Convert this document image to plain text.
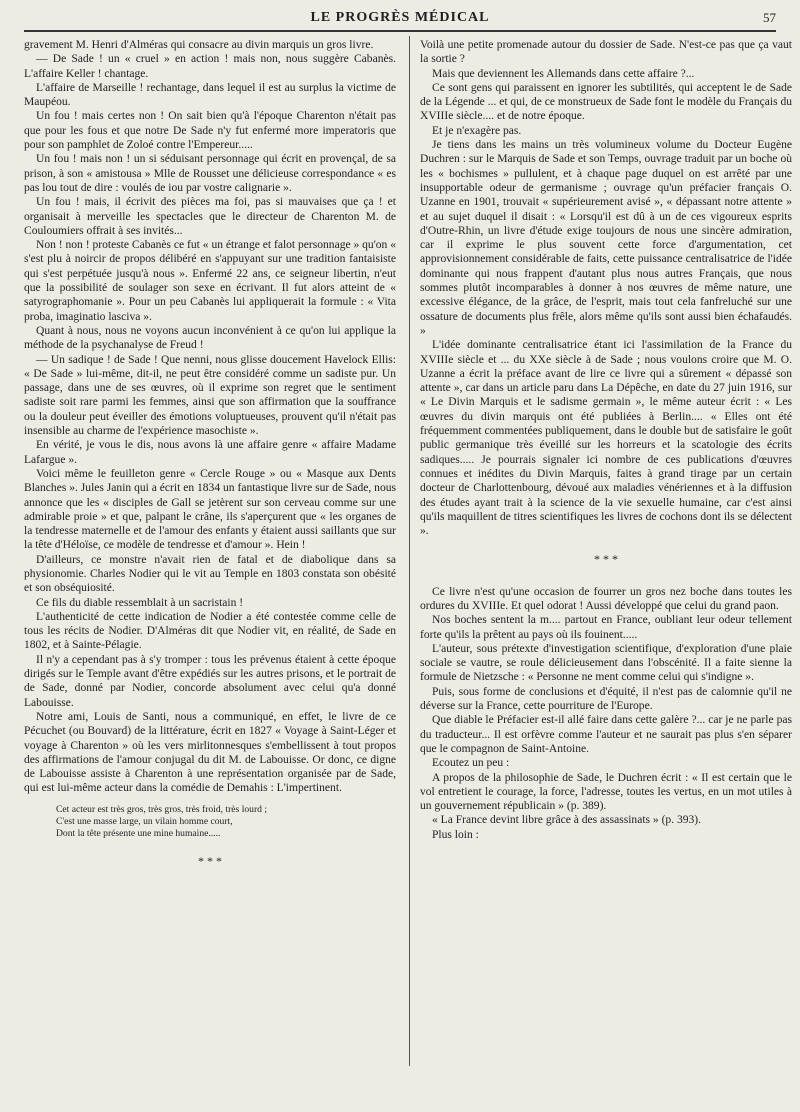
LE PROGRÈS MÉDICAL	57

gravement M. Henri d'Alméras qui consacre au divin marquis un gros livre.

— De Sade ! un « cruel » en action ! mais non, nous suggère Cabanès. L'affaire Keller ! chantage.

L'affaire de Marseille ! rechantage, dans lequel il est au surplus la victime de Maupéou.

Un fou ! mais certes non ! On sait bien qu'à l'époque Charenton n'était pas que pour les fous et que notre De Sade n'y fut enfermé more imperatoris que pour son pamphlet de Zoloé contre l'Empereur.....

Un fou ! mais non ! un si séduisant personnage qui écrit en provençal, de sa prison, à son « amistousa » Mlle de Rousset une délicieuse correspondance « es pas lou tout de dire : voulés de iou par vostre calignarie ».

Un fou ! mais, il écrivit des pièces ma foi, pas si mauvaises que ça ! et organisait à merveille les spectacles que le directeur de Charenton M. de Couloumiers offrait à ses invités...

Non ! non ! proteste Cabanès ce fut « un étrange et falot personnage » qu'on « s'est plu à noircir de propos délibéré en s'appuyant sur une tradition fantaisiste qui s'est perpétuée jusqu'à nous ». Enfermé 22 ans, ce seigneur libertin, n'eut que la possibilité de soulager son sexe en écrivant. Il fut alors atteint de « satyrographomanie ». Pour un peu Cabanès lui appliquerait la formule : « Vita proba, imaginatio lasciva ».

Quant à nous, nous ne voyons aucun inconvénient à ce qu'on lui applique la méthode de la psychanalyse de Freud !

— Un sadique ! de Sade ! Que nenni, nous glisse doucement Havelock Ellis: « De Sade » lui-même, dit-il, ne peut être considéré comme un sadiste pur. Un passage, dans une de ses œuvres, où il exprime son regret que le sentiment sadiste soit rare parmi les femmes, ainsi que son affirmation que la souffrance ou la douleur peut éveiller des émotions voluptueuses, prouvent qu'il n'était pas insensible au charme de l'expérience masochiste ».

En vérité, je vous le dis, nous avons là une affaire genre « affaire Madame Lafargue ».

Voici même le feuilleton genre « Cercle Rouge » ou « Masque aux Dents Blanches ». Jules Janin qui a écrit en 1834 un fantastique livre sur de Sade, nous annonce que les « disciples de Gall se jetèrent sur son cerveau comme sur une admirable proie » et que, palpant le crâne, ils s'aperçurent que « les organes de la tendresse maternelle et de l'amour des enfants y étaient aussi saillants que sur la tête d'Héloïse, ce modèle de tendresse et d'amour ». Hein !

D'ailleurs, ce monstre n'avait rien de fatal et de diabolique dans sa physionomie. Charles Nodier qui le vit au Temple en 1803 constata son obésité et son obséquiosité.

Ce fils du diable ressemblait à un sacristain !

L'authenticité de cette indication de Nodier a été contestée comme celle de tous les récits de Nodier. D'Alméras dit que Nodier vit, en réalité, de Sade en 1802, et à Sainte-Pélagie.

Il n'y a cependant pas à s'y tromper : tous les prévenus étaient à cette époque dirigés sur le Temple avant d'être expédiés sur les autres prisons, et le portrait de de Sade, donné par Nodier, concorde absolument avec celui qu'a donné Labouisse.

Notre ami, Louis de Santi, nous a communiqué, en effet, le livre de ce Pécuchet (ou Bouvard) de la littérature, écrit en 1827 « Voyage à Saint-Léger et voyage à Charenton » où les vers mirlitonnesques s'embellissent à tout propos des affirmations de l'amour conjugal du dit M. de Labouisse. Or donc, ce digne de Labouisse assiste à Charenton à une représentation organisée par de Sade, qui est lui-même acteur dans la comédie de Demahis : L'impertinent.

Cet acteur est très gros, très gros, très froid, très lourd ;
C'est une masse large, un vilain homme court,
Dont la tête présente une mine humaine.....

* * *

Voilà une petite promenade autour du dossier de Sade. N'est-ce pas que ça vaut la sortie ?

Mais que deviennent les Allemands dans cette affaire ?...

Ce sont gens qui paraissent en ignorer les subtilités, qui acceptent le de Sade de la Légende ... et qui, de ce monstrueux de Sade font le modèle du Français du XVIIIe siècle.... et de notre époque.

Et je n'exagère pas.

Je tiens dans les mains un très volumineux volume du Docteur Eugène Duchren : sur le Marquis de Sade et son Temps, ouvrage traduit par un boche où les « bochismes » pullulent, et à chaque page duquel on est arrêté par une insupportable odeur de germanisme ; ouvrage qu'un préfacier français O. Uzanne en 1901, trouvait « supérieurement avisé », « dépassant notre attente » et au sujet duquel il disait : « Lorsqu'il est dû à un de ces vigoureux esprits d'Outre-Rhin, un livre d'étude exige toujours de nous une sincère admiration, car il exprime le plus souvent cette force d'argumentation, cet approvisionnement considérable de faits, cette puissance centralisatrice de l'idée dominante qui nous frappent d'autant plus nous autres Français, que nous sommes plutôt incomparables à donner à nos œuvres de même nature, une excessive élégance, de la grâce, de l'esprit, mais tout cela fanfreluché sur une ossature de documents plus frêle, alors même qu'ils sont aussi bien échafaudés. »

L'idée dominante centralisatrice étant ici l'assimilation de la France du XVIIIe siècle et ... du XXe siècle à de Sade ; nous voulons croire que M. O. Uzanne a écrit la préface avant de lire ce livre qui a sûrement « dépassé son attente », car dans un article paru dans La Dépêche, en date du 27 juin 1916, sur « Le Divin Marquis et le sadisme germain », le même auteur écrit : « Les œuvres du divin marquis ont été publiées à Berlin.... « Elles ont été fréquemment commentées publiquement, dans le double but de satisfaire le goût public germanique très éveillé sur les horreurs et la scatologie des écrits sadiques..... Je pourrais signaler ici nombre de ces publications d'œuvres connues et inédites du Divin Marquis, faites à grand tirage par un certain docteur de Charlottenbourg, dévoué aux maladies vénériennes et à la diffusion des études ayant trait à la science de la vie sexuelle humaine, car c'est ainsi qu'ils maquillent de titres scientifiques les livres de cochons dont ils se délectent ».

* * *

Ce livre n'est qu'une occasion de fourrer un gros nez boche dans toutes les ordures du XVIIIe. Et quel odorat ! Aussi développé que celui du grand paon.

Nos boches sentent la m.... partout en France, oubliant leur odeur tellement forte qu'ils la prêtent au pays où ils fouinent.....

L'auteur, sous prétexte d'investigation scientifique, d'exploration d'une plaie sociale se vautre, se roule délicieusement dans l'obscénité. Il a faite sienne la formule de Nietzsche : « Personne ne ment comme celui qui s'indigne ».

Puis, sous forme de conclusions et d'équité, il n'est pas de calomnie qu'il ne déverse sur la France, cette pourriture de l'Europe.

Que diable le Préfacier est-il allé faire dans cette galère ?... car je ne parle pas du traducteur... Il est orfèvre comme l'auteur et ne saurait pas plus s'en séparer que le compagnon de Saint-Antoine.

Ecoutez un peu :

A propos de la philosophie de Sade, le Duchren écrit : « Il est certain que le vol entretient le courage, la force, l'adresse, toutes les vertus, en un mot utiles à un gouvernement républicain » (p. 389).

« La France devint libre grâce à des assassinats » (p. 393).

Plus loin :
